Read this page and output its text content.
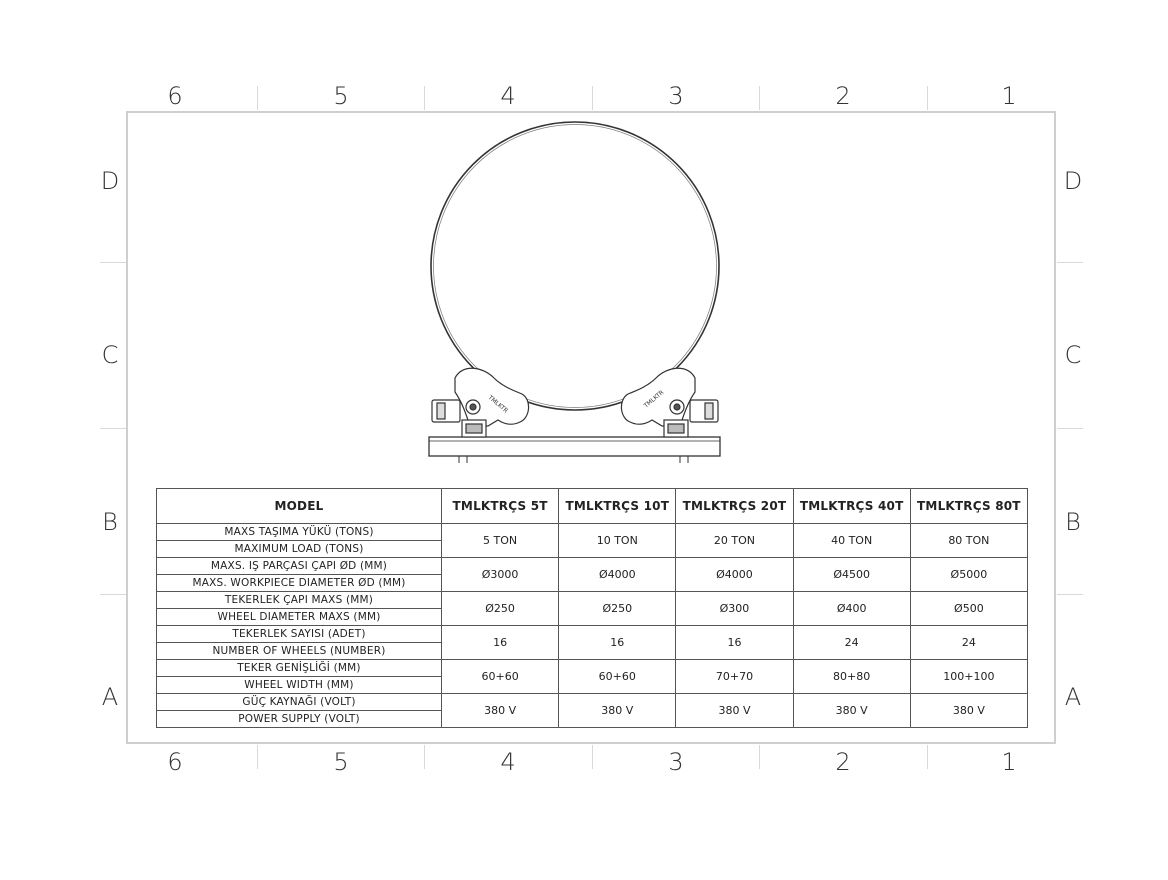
6	5	4	3	2	1
6	5	4	3	2	1
D
C
B
A
D
C
B
A
TMLKTR	TMLKTR
MODEL	TMLKTRÇS 5T	TMLKTRÇS 10T	TMLKTRÇS 20T	TMLKTRÇS 40T	TMLKTRÇS 80T
MAXS TAŞIMA YÜKÜ (TONS)	5 TON	10 TON	20 TON	40 TON	80 TON
MAXIMUM LOAD (TONS)					
MAXS. IŞ PARÇASI ÇAPI ØD (MM)	Ø3000	Ø4000	Ø4000	Ø4500	Ø5000
MAXS. WORKPIECE DIAMETER ØD (MM)					
TEKERLEK ÇAPI MAXS (MM)	Ø250	Ø250	Ø300	Ø400	Ø500
WHEEL DIAMETER MAXS (MM)					
TEKERLEK SAYISI (ADET)	16	16	16	24	24
NUMBER OF WHEELS (NUMBER)					
TEKER GENİŞLİĞİ (MM)	60+60	60+60	70+70	80+80	100+100
WHEEL WIDTH (MM)					
GÜÇ KAYNAĞI (VOLT)	380 V	380 V	380 V	380 V	380 V
POWER SUPPLY (VOLT)					
